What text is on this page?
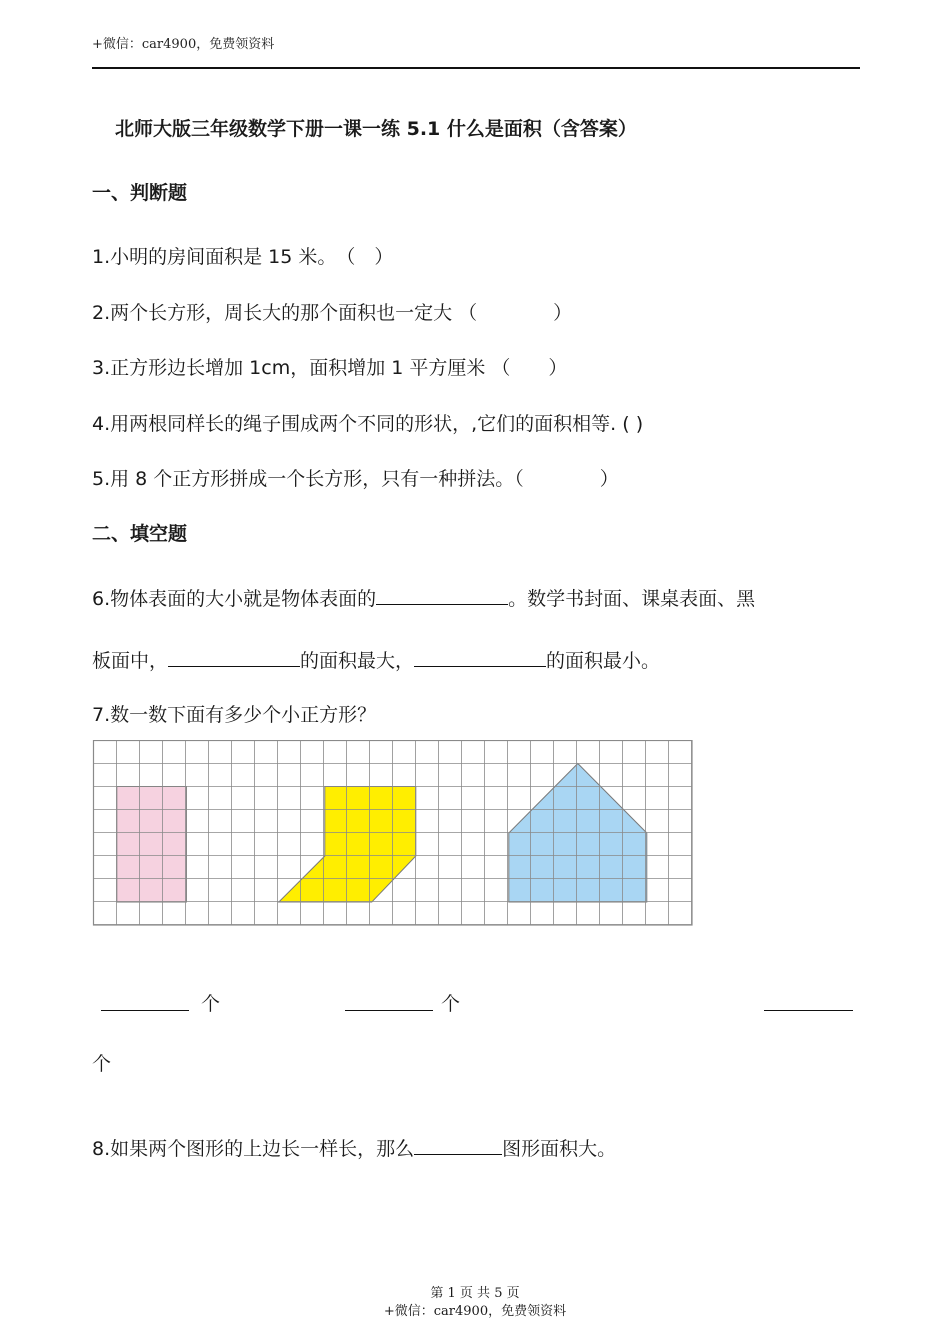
+微信：car4900，免费领资料
北师大版三年级数学下册一课一练 5.1 什么是面积（含答案）
一、判断题
1.小明的房间面积是 15 米。　（　）
2.两个长方形，周长大的那个面积也一定大 （　　　　）
3.正方形边长增加 1cm，面积增加 1 平方厘米 （　　）
4.用两根同样长的绳子围成两个不同的形状，,它们的面积相等. ( )
5.用 8 个正方形拼成一个长方形，只有一种拼法。（　　　　）
二、填空题
6.物体表面的大小就是物体表面的	。数学书封面、课桌表面、黑
板面中，	的面积最大，	的面积最小。
7.数一数下面有多少个小正方形？
个	个
个
8.如果两个图形的上边长一样长，那么	图形面积大。
第 1 页 共 5 页
+微信：car4900，免费领资料
